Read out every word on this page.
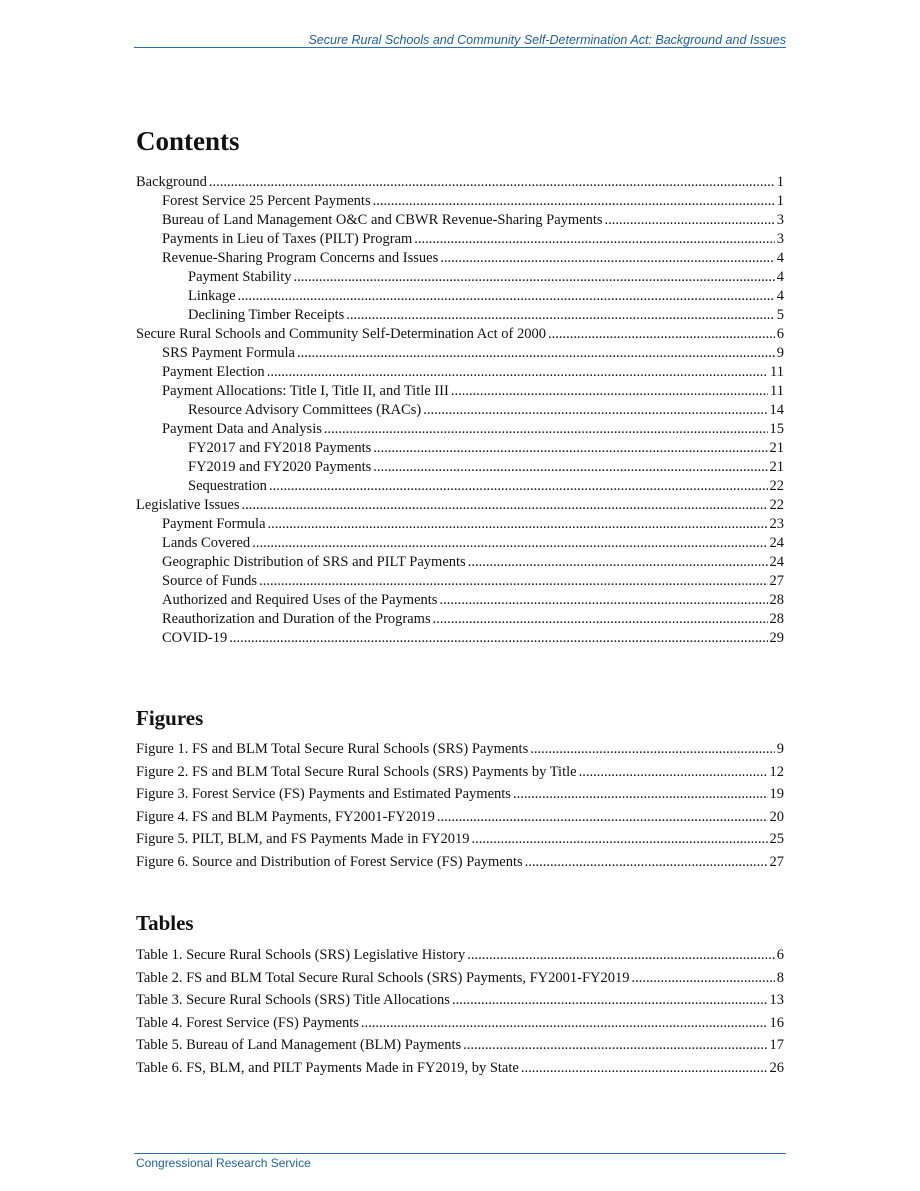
Secure Rural Schools and Community Self-Determination Act: Background and Issues
Contents
Background .....	1
Forest Service 25 Percent Payments .....	1
Bureau of Land Management O&C and CBWR Revenue-Sharing Payments .....	3
Payments in Lieu of Taxes (PILT) Program .....	3
Revenue-Sharing Program Concerns and Issues .....	4
Payment Stability .....	4
Linkage .....	4
Declining Timber Receipts .....	5
Secure Rural Schools and Community Self-Determination Act of 2000 .....	6
SRS Payment Formula .....	9
Payment Election .....	11
Payment Allocations: Title I, Title II, and Title III .....	11
Resource Advisory Committees (RACs) .....	14
Payment Data and Analysis .....	15
FY2017 and FY2018 Payments .....	21
FY2019 and FY2020 Payments .....	21
Sequestration .....	22
Legislative Issues .....	22
Payment Formula .....	23
Lands Covered .....	24
Geographic Distribution of SRS and PILT Payments .....	24
Source of Funds .....	27
Authorized and Required Uses of the Payments .....	28
Reauthorization and Duration of the Programs .....	28
COVID-19 .....	29
Figures
Figure 1. FS and BLM Total Secure Rural Schools (SRS) Payments .....	9
Figure 2. FS and BLM Total Secure Rural Schools (SRS) Payments by Title .....	12
Figure 3. Forest Service (FS) Payments and Estimated Payments .....	19
Figure 4. FS and BLM Payments, FY2001-FY2019 .....	20
Figure 5. PILT, BLM, and FS Payments Made in FY2019 .....	25
Figure 6. Source and Distribution of Forest Service (FS) Payments .....	27
Tables
Table 1. Secure Rural Schools (SRS) Legislative History .....	6
Table 2. FS and BLM Total Secure Rural Schools (SRS) Payments, FY2001-FY2019 .....	8
Table 3. Secure Rural Schools (SRS) Title Allocations .....	13
Table 4. Forest Service (FS) Payments .....	16
Table 5. Bureau of Land Management (BLM) Payments .....	17
Table 6. FS, BLM, and PILT Payments Made in FY2019, by State .....	26
Congressional Research Service
